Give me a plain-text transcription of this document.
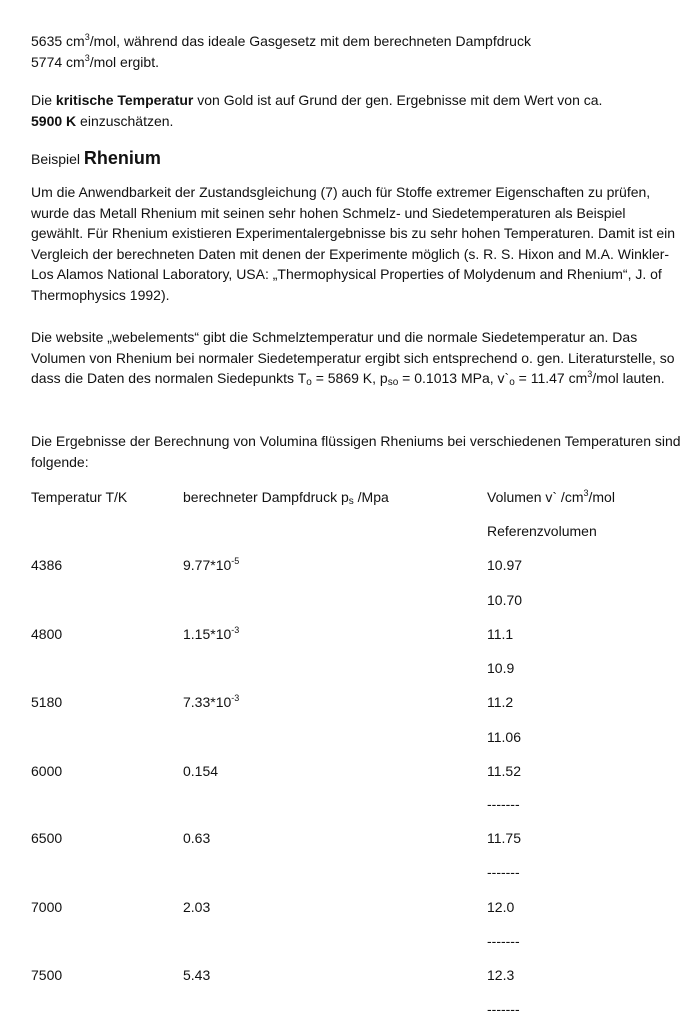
5635 $cm^3$/mol, während das ideale Gasgesetz mit dem berechneten Dampfdruck
5774 $cm^3$/mol ergibt.

Die kritische Temperatur von Gold ist auf Grund der gen. Ergebnisse mit dem Wert von ca.
5900 K einzuschätzen.

Beispiel Rhenium

Um die Anwendbarkeit der Zustandsgleichung (7) auch für Stoffe extremer Eigenschaften zu prüfen, wurde das Metall Rhenium mit seinen sehr hohen Schmelz- und Siedetemperaturen als Beispiel gewählt. Für Rhenium existieren Experimentalergebnisse bis zu sehr hohen Temperaturen. Damit ist ein Vergleich der berechneten Daten mit denen der Experimente möglich (s. R. S. Hixon and M.A. Winkler- Los Alamos National Laboratory, USA: „Thermophysical Properties of Molydenum and Rhenium“, J. of Thermophysics 1992).

Die website „webelements“ gibt die Schmelztemperatur und die normale Siedetemperatur an. Das Volumen von Rhenium bei normaler Siedetemperatur ergibt sich entsprechend o. gen. Literaturstelle, so dass die Daten des normalen Siedepunkts $T_o = 5869$ K, $p_{so} = 0.1013$ MPa, $v`_o = 11.47$ $cm^3$/mol lauten.

Die Ergebnisse der Berechnung von Volumina flüssigen Rheniums bei verschiedenen Temperaturen sind folgende:

Temperatur T/K	berechneter Dampfdruck $p_s$ /Mpa	Volumen v` $/cm^3$/mol

Referenzvolumen

4386	$9.77*10^{-5}$	10.97

10.70

4800	$1.15*10^{-3}$	11.1

10.9

5180	$7.33*10^{-3}$	11.2

11.06

6000	0.154	11.52

-------

6500	0.63	11.75

-------

7000	2.03	12.0

-------

7500	5.43	12.3

-------
